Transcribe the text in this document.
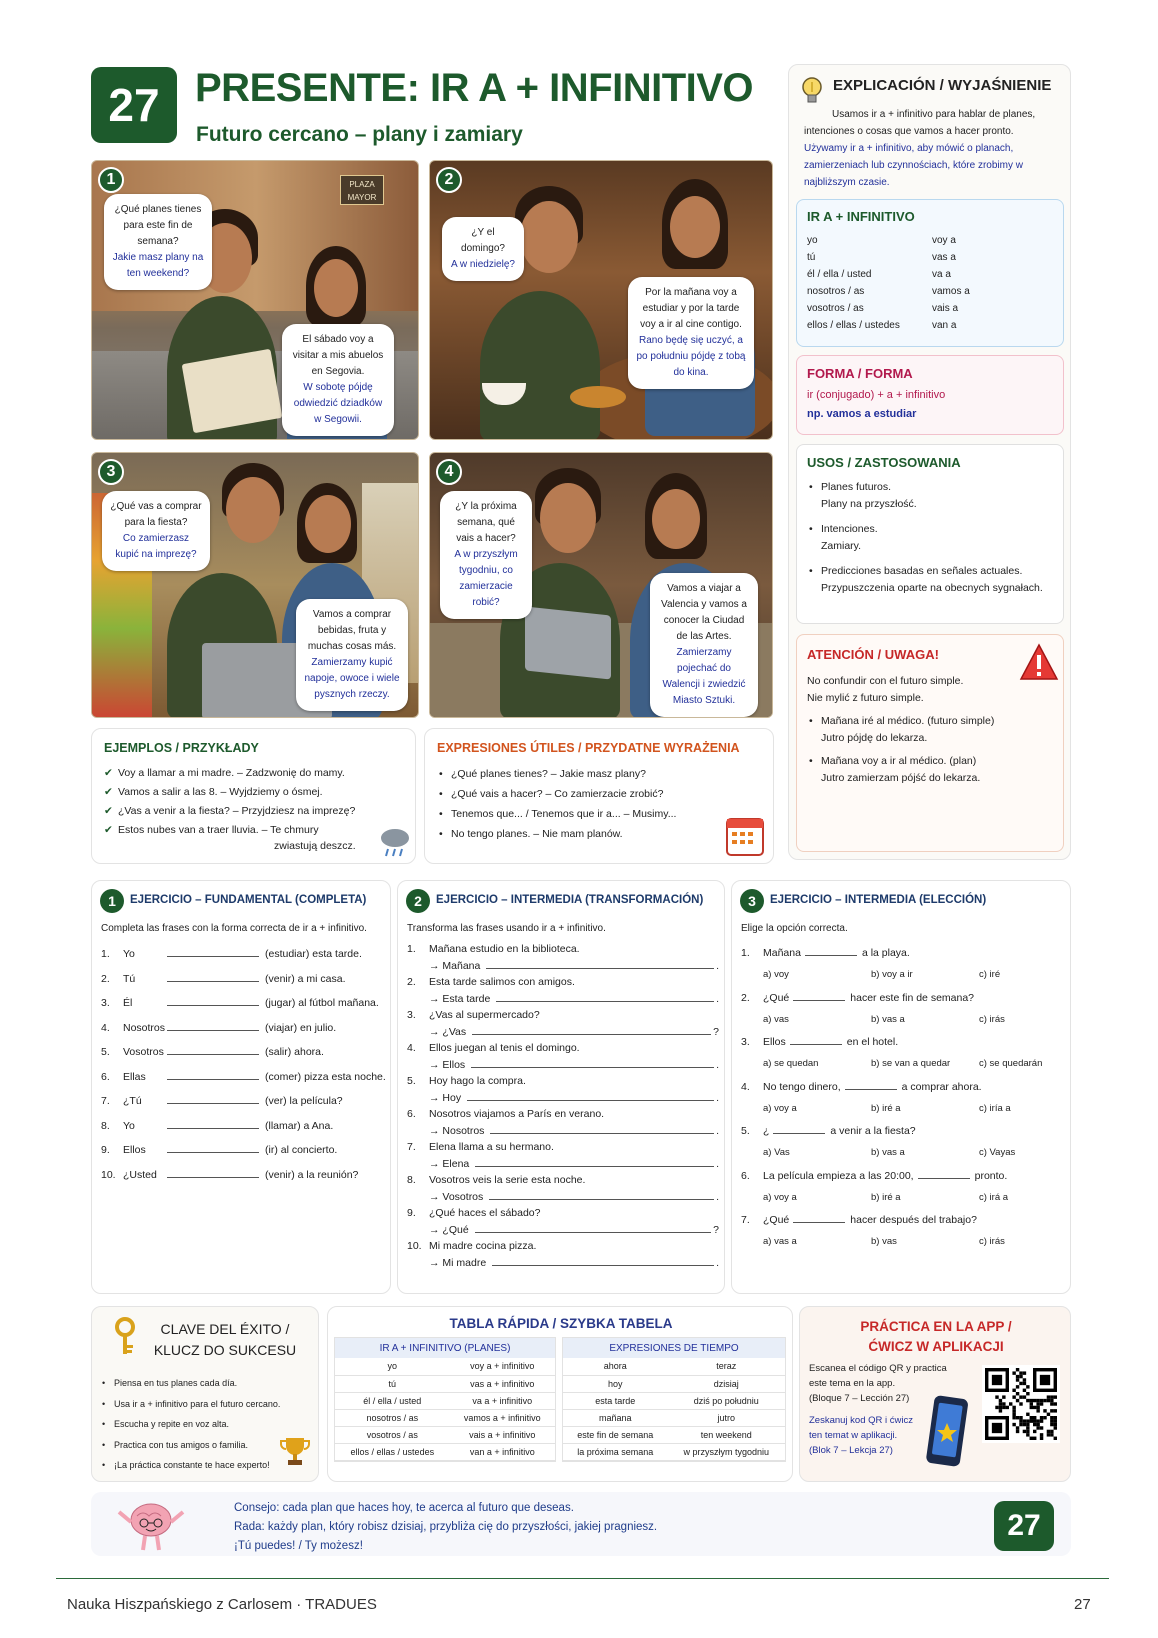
27 PRESENTE: IR A + INFINITIVO
Futuro cercano – plany i zamiary
PLAZA MAYOR
1
¿Qué planes tienes para este fin de semana?
Jakie masz plany na ten weekend?
El sábado voy a visitar a mis abuelos en Segovia.
W sobotę pójdę odwiedzić dziadków w Segowii.
2
¿Y el domingo?
A w niedzielę?
Por la mañana voy a estudiar y por la tarde voy a ir al cine contigo.
Rano będę się uczyć, a po południu pójdę z tobą do kina.
3
¿Qué vas a comprar para la fiesta?
Co zamierzasz kupić na imprezę?
Vamos a comprar bebidas, fruta y muchas cosas más.
Zamierzamy kupić napoje, owoce i wiele pysznych rzeczy.
4
¿Y la próxima semana, qué vais a hacer?
A w przyszłym tygodniu, co zamierzacie robić?
Vamos a viajar a Valencia y vamos a conocer la Ciudad de las Artes.
Zamierzamy pojechać do Walencji i zwiedzić Miasto Sztuki.
EXPLICACIÓN / WYJAŚNIENIE
Usamos ir a + infinitivo para hablar de planes, intenciones o cosas que vamos a hacer pronto.
Używamy ir a + infinitivo, aby mówić o planach, zamierzeniach lub czynnościach, które zrobimy w najbliższym czasie.
IR A + INFINITIVO
yo	voy a
tú	vas a
él / ella / usted	va a
nosotros / as	vamos a
vosotros / as	vais a
ellos / ellas / ustedes	van a
FORMA / FORMA
ir (conjugado) + a + infinitivo
np. vamos a estudiar
USOS / ZASTOSOWANIA
• Planes futuros.
Plany na przyszłość.
• Intenciones.
Zamiary.
• Predicciones basadas en señales actuales.
Przypuszczenia oparte na obecnych sygnałach.
ATENCIÓN / UWAGA!
No confundir con el futuro simple.
Nie mylić z futuro simple.
• Mañana iré al médico. (futuro simple)
Jutro pójdę do lekarza.
• Mañana voy a ir al médico. (plan)
Jutro zamierzam pójść do lekarza.
EJEMPLOS / PRZYKŁADY
✔ Voy a llamar a mi madre. – Zadzwonię do mamy.
✔ Vamos a salir a las 8. – Wyjdziemy o ósmej.
✔ ¿Vas a venir a la fiesta? – Przyjdziesz na imprezę?
✔ Estos nubes van a traer lluvia. – Te chmury
zwiastują deszcz.
EXPRESIONES ÚTILES / PRZYDATNE WYRAŻENIA
• ¿Qué planes tienes? – Jakie masz plany?
• ¿Qué vais a hacer? – Co zamierzacie zrobić?
• Tenemos que... / Tenemos que ir a... – Musimy...
• No tengo planes. – Nie mam planów.
1	EJERCICIO – FUNDAMENTAL (COMPLETA)
Completa las frases con la forma correcta de ir a + infinitivo.
1.	Yo	(estudiar) esta tarde.
2.	Tú	(venir) a mi casa.
3.	Él	(jugar) al fútbol mañana.
4.	Nosotros	(viajar) en julio.
5.	Vosotros	(salir) ahora.
6.	Ellas	(comer) pizza esta noche.
7.	¿Tú	(ver) la película?
8.	Yo	(llamar) a Ana.
9.	Ellos	(ir) al concierto.
10. ¿Usted	(venir) a la reunión?
2	EJERCICIO – INTERMEDIA (TRANSFORMACIÓN)
Transforma las frases usando ir a + infinitivo.
1.	Mañana estudio en la biblioteca.
→ Mañana	.
2.	Esta tarde salimos con amigos.
→ Esta tarde	.
3.	¿Vas al supermercado?
→ ¿Vas	?
4.	Ellos juegan al tenis el domingo.
→ Ellos	.
5.	Hoy hago la compra.
→ Hoy	.
6.	Nosotros viajamos a París en verano.
→ Nosotros	.
7.	Elena llama a su hermano.
→ Elena	.
8.	Vosotros veis la serie esta noche.
→ Vosotros	.
9.	¿Qué haces el sábado?
→ ¿Qué	?
10. Mi madre cocina pizza.
→ Mi madre	.
3	EJERCICIO – INTERMEDIA (ELECCIÓN)
Elige la opción correcta.
1.	Mañana	a la playa.
a) voy	b) voy a ir	c) iré
2.	¿Qué	hacer este fin de semana?
a) vas	b) vas a	c) irás
3.	Ellos	en el hotel.
a) se quedan	b) se van a quedar	c) se quedarán
4.	No tengo dinero,	a comprar ahora.
a) voy a	b) iré a	c) iría a
5.	¿	a venir a la fiesta?
a) Vas	b) vas a	c) Vayas
6.	La película empieza a las 20:00,	pronto.
a) voy a	b) iré a	c) irá a
7.	¿Qué	hacer después del trabajo?
a) vas a	b) vas	c) irás
CLAVE DEL ÉXITO /
KLUCZ DO SUKCESU
• Piensa en tus planes cada día.
• Usa ir a + infinitivo para el futuro cercano.
• Escucha y repite en voz alta.
• Practica con tus amigos o familia.
• ¡La práctica constante te hace experto!
TABLA RÁPIDA / SZYBKA TABELA
IR A + INFINITIVO (PLANES)	
yo	voy a + infinitivo
tú	vas a + infinitivo
él / ella / usted	va a + infinitivo
nosotros / as	vamos a + infinitivo
vosotros / as	vais a + infinitivo
ellos / ellas / ustedes	van a + infinitivo
EXPRESIONES DE TIEMPO	
ahora	teraz
hoy	dzisiaj
esta tarde	dziś po południu
mañana	jutro
este fin de semana	ten weekend
la próxima semana	w przyszłym tygodniu
PRÁCTICA EN LA APP /
ĆWICZ W APLIKACJI
Escanea el código QR y practica
este tema en la app.
(Bloque 7 – Lección 27)
Zeskanuj kod QR i ćwicz
ten temat w aplikacji.
(Blok 7 – Lekcja 27)
Consejo: cada plan que haces hoy, te acerca al futuro que deseas.
Rada: każdy plan, który robisz dzisiaj, przybliża cię do przyszłości, jakiej pragniesz.
¡Tú puedes! / Ty możesz!
27
Nauka Hiszpańskiego z Carlosem · TRADUES	27
